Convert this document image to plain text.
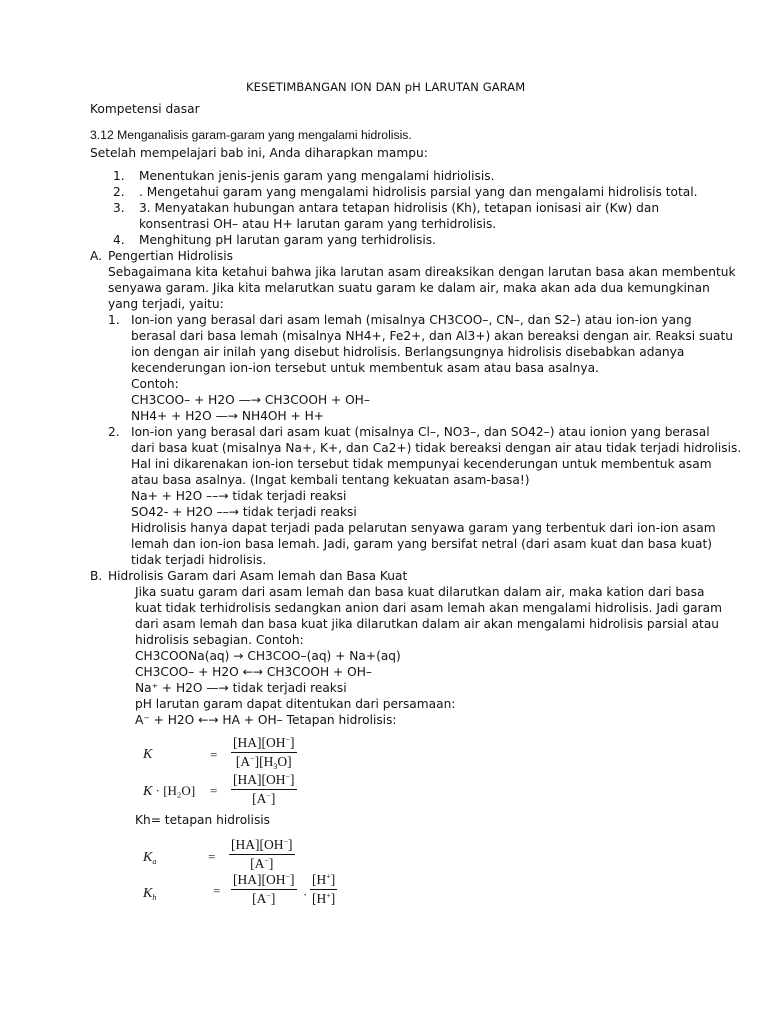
KESETIMBANGAN ION DAN pH LARUTAN GARAM
Kompetensi dasar
3.12 Menganalisis garam-garam yang mengalami hidrolisis.
Setelah mempelajari bab ini, Anda diharapkan mampu:
1. Menentukan jenis-jenis garam yang mengalami hidriolisis.
2. . Mengetahui garam yang mengalami hidrolisis parsial yang dan mengalami hidrolisis total.
3. 3. Menyatakan hubungan antara tetapan hidrolisis (Kh), tetapan ionisasi air (Kw) dan
konsentrasi OH– atau H+ larutan garam yang terhidrolisis.
4. Menghitung pH larutan garam yang terhidrolisis.
A. Pengertian Hidrolisis
Sebagaimana kita ketahui bahwa jika larutan asam direaksikan dengan larutan basa akan membentuk
senyawa garam. Jika kita melarutkan suatu garam ke dalam air, maka akan ada dua kemungkinan
yang terjadi, yaitu:
1. Ion-ion yang berasal dari asam lemah (misalnya CH3COO–, CN–, dan S2–) atau ion-ion yang
berasal dari basa lemah (misalnya NH4+, Fe2+, dan Al3+) akan bereaksi dengan air. Reaksi suatu
ion dengan air inilah yang disebut hidrolisis. Berlangsungnya hidrolisis disebabkan adanya
kecenderungan ion-ion tersebut untuk membentuk asam atau basa asalnya.
Contoh:
CH3COO– + H2O —→ CH3COOH + OH–
NH4+ + H2O —→ NH4OH + H+
2. Ion-ion yang berasal dari asam kuat (misalnya Cl–, NO3–, dan SO42–) atau ionion yang berasal
dari basa kuat (misalnya Na+, K+, dan Ca2+) tidak bereaksi dengan air atau tidak terjadi hidrolisis.
Hal ini dikarenakan ion-ion tersebut tidak mempunyai kecenderungan untuk membentuk asam
atau basa asalnya. (Ingat kembali tentang kekuatan asam-basa!)
Na+ + H2O ––→ tidak terjadi reaksi
SO42- + H2O ––→ tidak terjadi reaksi
Hidrolisis hanya dapat terjadi pada pelarutan senyawa garam yang terbentuk dari ion-ion asam
lemah dan ion-ion basa lemah. Jadi, garam yang bersifat netral (dari asam kuat dan basa kuat)
tidak terjadi hidrolisis.
B. Hidrolisis Garam dari Asam lemah dan Basa Kuat
Jika suatu garam dari asam lemah dan basa kuat dilarutkan dalam air, maka kation dari basa
kuat tidak terhidrolisis sedangkan anion dari asam lemah akan mengalami hidrolisis. Jadi garam
dari asam lemah dan basa kuat jika dilarutkan dalam air akan mengalami hidrolisis parsial atau
hidrolisis sebagian. Contoh:
CH3COONa(aq) → CH3COO–(aq) + Na+(aq)
CH3COO– + H2O ←→ CH3COOH + OH–
Na⁺ + H2O —→ tidak terjadi reaksi
pH larutan garam dapat ditentukan dari persamaan:
A⁻ + H2O ←→ HA + OH– Tetapan hidrolisis:
K	=
[HA][OH−]
$[A^-][H_3O]$
K · [H₂O] =
[HA][OH−]
[A−]
Kh= tetapan hidrolisis
$K_a$	=
[HA][OH−]
[A−]
$K_h$	=
[HA][OH−]
[A−]	·
[H+]
[H+]
